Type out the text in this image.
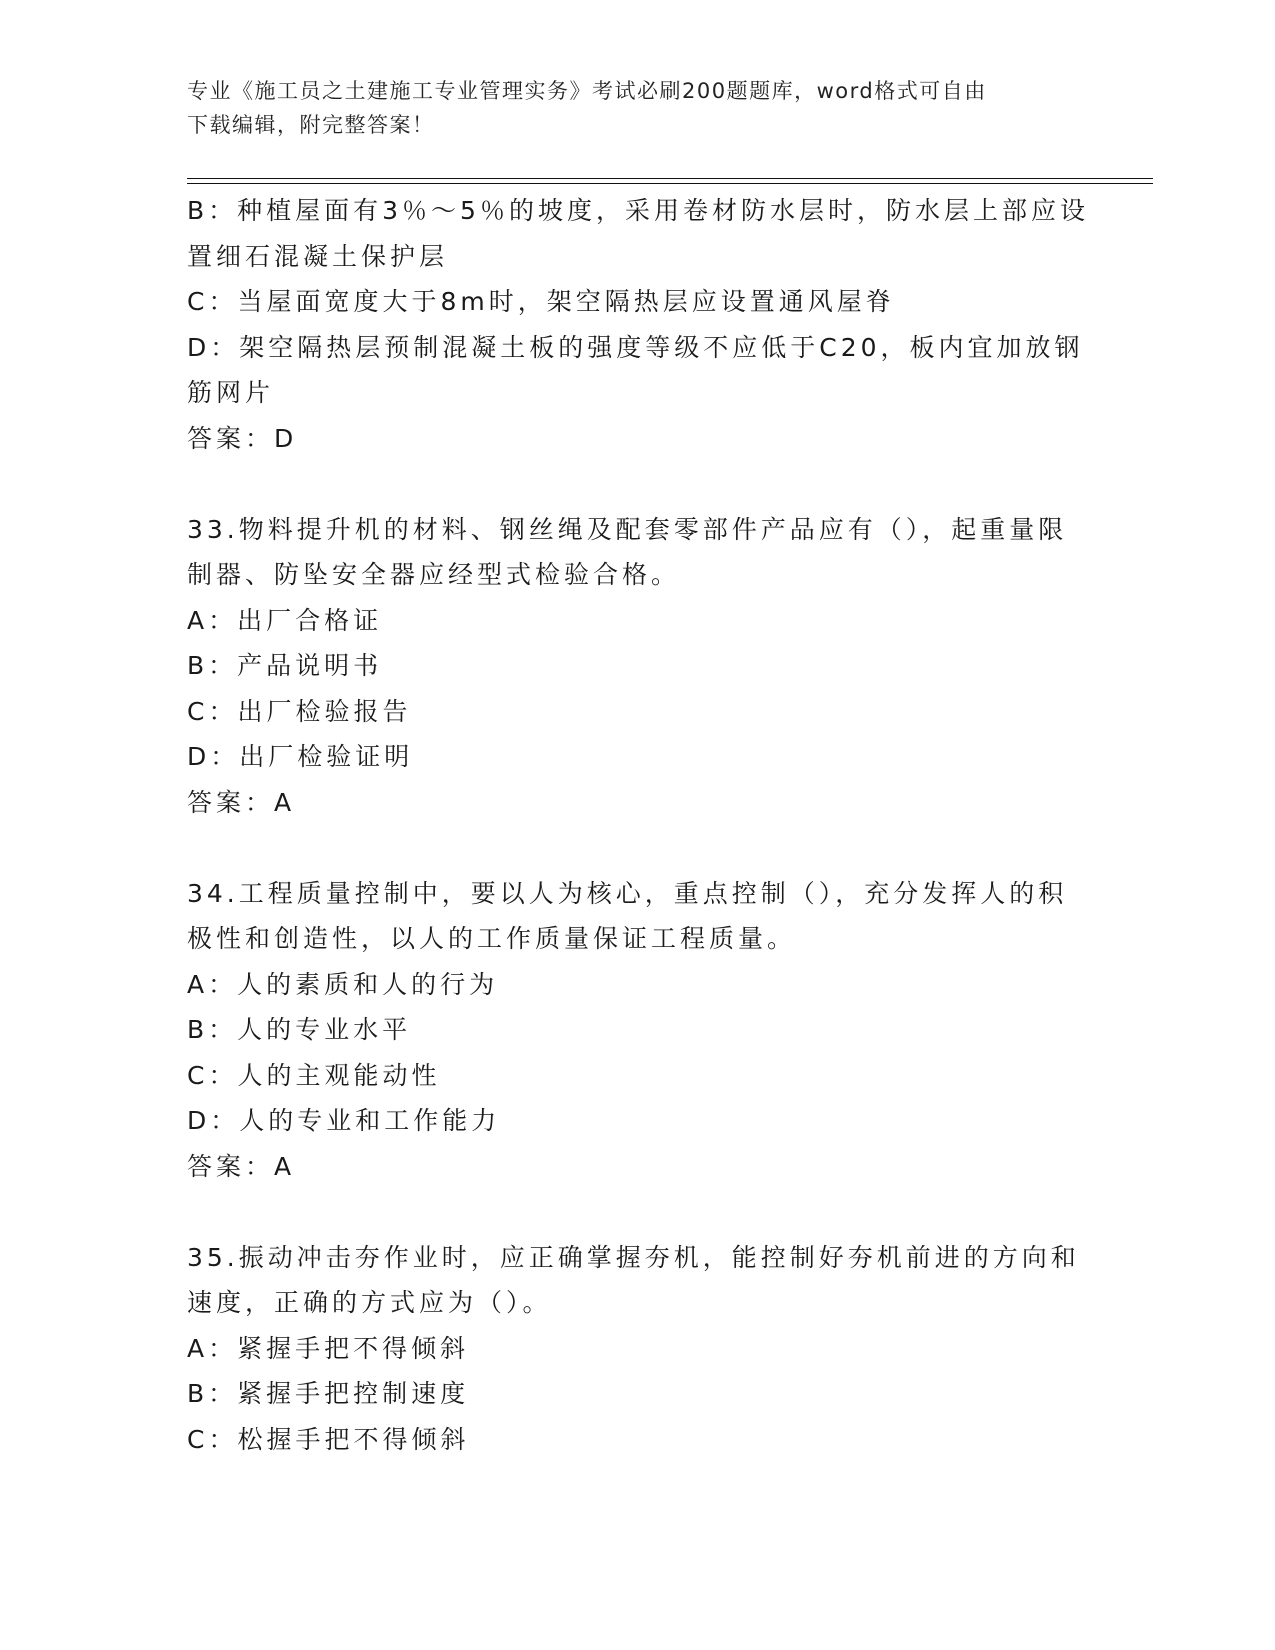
专业《施工员之土建施工专业管理实务》考试必刷200题题库，word格式可自由
下载编辑，附完整答案！
B：种植屋面有3％～5％的坡度，采用卷材防水层时，防水层上部应设
置细石混凝土保护层
C：当屋面宽度大于8m时，架空隔热层应设置通风屋脊
D：架空隔热层预制混凝土板的强度等级不应低于C20，板内宜加放钢
筋网片
答案：D
33.物料提升机的材料、钢丝绳及配套零部件产品应有（），起重量限
制器、防坠安全器应经型式检验合格。
A：出厂合格证
B：产品说明书
C：出厂检验报告
D：出厂检验证明
答案：A
34.工程质量控制中，要以人为核心，重点控制（），充分发挥人的积
极性和创造性，以人的工作质量保证工程质量。
A：人的素质和人的行为
B：人的专业水平
C：人的主观能动性
D：人的专业和工作能力
答案：A
35.振动冲击夯作业时，应正确掌握夯机，能控制好夯机前进的方向和
速度，正确的方式应为（）。
A：紧握手把不得倾斜
B：紧握手把控制速度
C：松握手把不得倾斜
